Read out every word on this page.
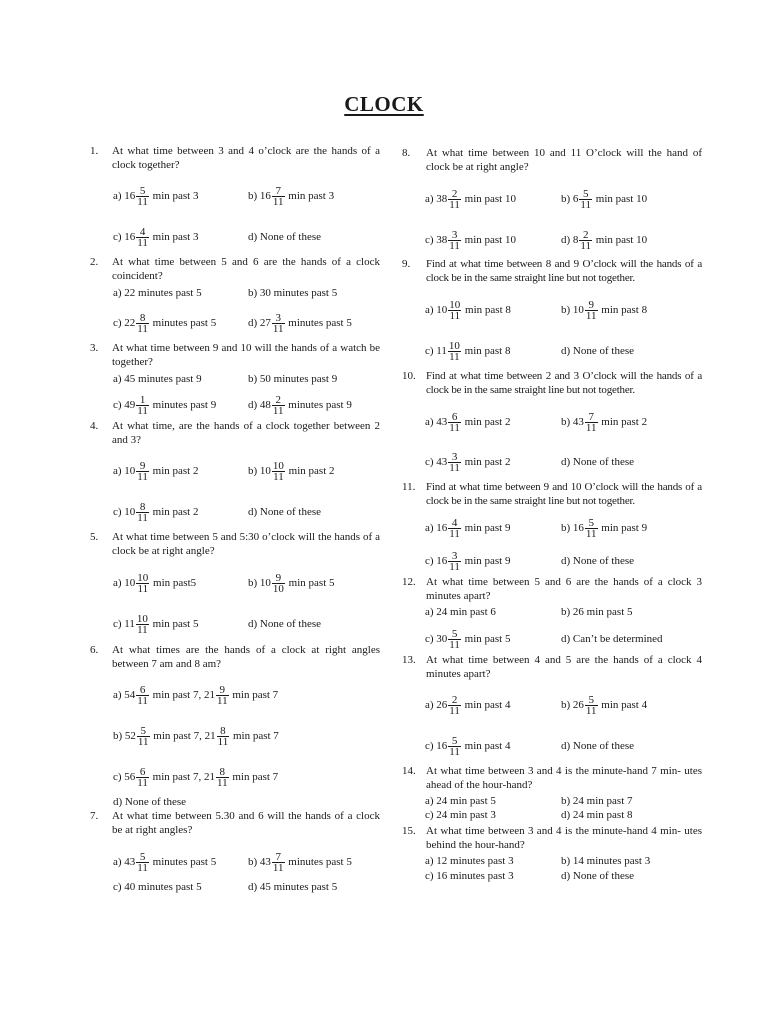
CLOCK
1. At what time between 3 and 4 o’clock are the hands of a clock together?
a) $16 \frac{5}{11}$ min past 3	b) $16 \frac{7}{11}$ min past 3
c) $16 \frac{4}{11}$ min past 3	d) None of these
2. At what time between 5 and 6 are the hands of a clock coincident?
a) 22 minutes past 5	b) 30 minutes past 5
c) $22 \frac{8}{11}$ minutes past 5	d) $27 \frac{3}{11}$ minutes past 5
3. At what time between 9 and 10 will the hands of a watch be together?
a) 45 minutes past 9	b) 50 minutes past 9
c) $49 \frac{1}{11}$ minutes past 9	d) $48 \frac{2}{11}$ minutes past 9
4. At what time, are the hands of a clock together between 2 and 3?
a) $10 \frac{9}{11}$ min past 2	b) $10 \frac{10}{11}$ min past 2
c) $10 \frac{8}{11}$ min past 2	d) None of these
5. At what time between 5 and 5:30 o’clock will the hands of a clock be at right angle?
a) $10 \frac{10}{11}$ min past5	b) $10 \frac{9}{10}$ min past 5
c) $11 \frac{10}{11}$ min past 5	d) None of these
6. At what times are the hands of a clock at right angles between 7 am and 8 am?
a) $54 \frac{6}{11}$ min past 7, $21 \frac{9}{11}$ min past 7
b) $52 \frac{5}{11}$ min past 7, $21 \frac{8}{11}$ min past 7
c) $56 \frac{6}{11}$ min past 7, $21 \frac{8}{11}$ min past 7
d) None of these
7. At what time between 5.30 and 6 will the hands of a clock be at right angles?
a) $43 \frac{5}{11}$ minutes past 5	b) $43 \frac{7}{11}$ minutes past 5
c) 40 minutes past 5	d) 45 minutes past 5
8. At what time between 10 and 11 O’clock will the hand of clock be at right angle?
a) $38 \frac{2}{11}$ min past 10	b) $6 \frac{5}{11}$ min past 10
c) $38 \frac{3}{11}$ min past 10	d) $8 \frac{2}{11}$ min past 10
9. Find at what time between 8 and 9 O’clock will the hands of a clock be in the same straight line but not together.
a) $10 \frac{10}{11}$ min past 8	b) $10 \frac{9}{11}$ min past 8
c) $11 \frac{10}{11}$ min past 8	d) None of these
10. Find at what time between 2 and 3 O’clock will the hands of a clock be in the same straight line but not together.
a) $43 \frac{6}{11}$ min past 2	b) $43 \frac{7}{11}$ min past 2
c) $43 \frac{3}{11}$ min past 2	d) None of these
11. Find at what time between 9 and 10 O’clock will the hands of a clock be in the same straight line but not together.
a) $16 \frac{4}{11}$ min past 9	b) $16 \frac{5}{11}$ min past 9
c) $16 \frac{3}{11}$ min past 9	d) None of these
12. At what time between 5 and 6 are the hands of a clock 3 minutes apart?
a) 24 min past 6	b) 26 min past 5
c) $30 \frac{5}{11}$ min past 5	d) Can’t be determined
13. At what time between 4 and 5 are the hands of a clock 4 minutes apart?
a) $26 \frac{2}{11}$ min past 4	b) $26 \frac{5}{11}$ min past 4
c) $16 \frac{5}{11}$ min past 4	d) None of these
14. At what time between 3 and 4 is the minute-hand 7 min- utes ahead of the hour-hand?
a) 24 min past 5	b) 24 min past 7
c) 24 min past 3	d) 24 min past 8
15. At what time between 3 and 4 is the minute-hand 4 min- utes behind the hour-hand?
a) 12 minutes past 3	b) 14 minutes past 3
c) 16 minutes past 3	d) None of these
